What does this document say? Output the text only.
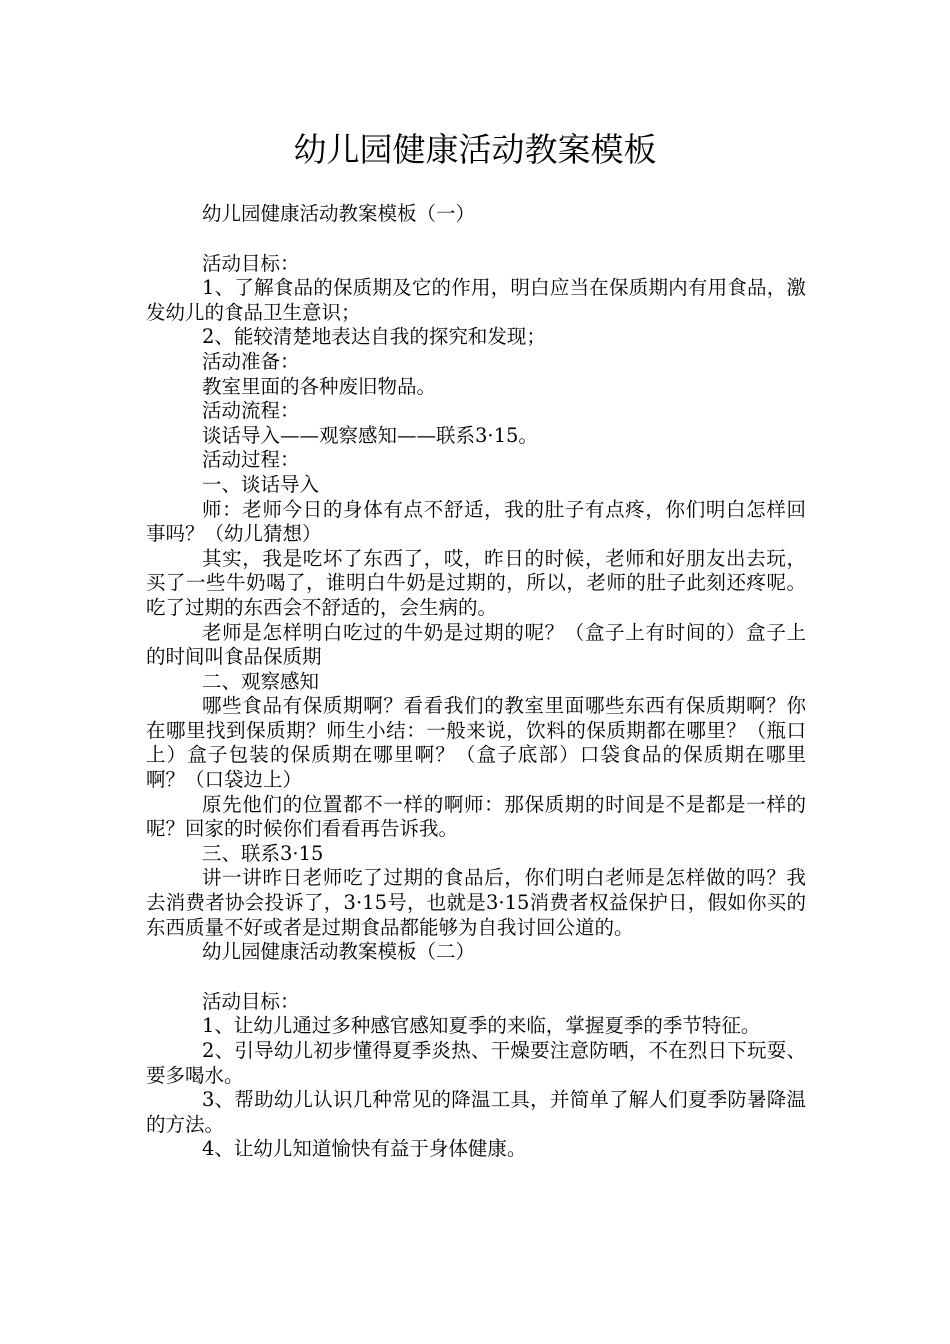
幼儿园健康活动教案模板

幼儿园健康活动教案模板（一）

活动目标：

1、了解食品的保质期及它的作用，明白应当在保质期内有用食品，激发幼儿的食品卫生意识；

2、能较清楚地表达自我的探究和发现；

活动准备：

教室里面的各种废旧物品。

活动流程：

谈话导入——观察感知——联系3·15。

活动过程：

一、谈话导入

师：老师今日的身体有点不舒适，我的肚子有点疼，你们明白怎样回事吗？（幼儿猜想）

其实，我是吃坏了东西了，哎，昨日的时候，老师和好朋友出去玩，买了一些牛奶喝了，谁明白牛奶是过期的，所以，老师的肚子此刻还疼呢。吃了过期的东西会不舒适的，会生病的。

老师是怎样明白吃过的牛奶是过期的呢？（盒子上有时间的）盒子上的时间叫食品保质期

二、观察感知

哪些食品有保质期啊？看看我们的教室里面哪些东西有保质期啊？你在哪里找到保质期？师生小结：一般来说，饮料的保质期都在哪里？（瓶口上）盒子包装的保质期在哪里啊？（盒子底部）口袋食品的保质期在哪里啊？（口袋边上）

原先他们的位置都不一样的啊师：那保质期的时间是不是都是一样的呢？回家的时候你们看看再告诉我。

三、联系3·15

讲一讲昨日老师吃了过期的食品后，你们明白老师是怎样做的吗？我去消费者协会投诉了，3·15号，也就是3·15消费者权益保护日，假如你买的东西质量不好或者是过期食品都能够为自我讨回公道的。

幼儿园健康活动教案模板（二）

活动目标：

1、让幼儿通过多种感官感知夏季的来临，掌握夏季的季节特征。

2、引导幼儿初步懂得夏季炎热、干燥要注意防晒，不在烈日下玩耍、要多喝水。

3、帮助幼儿认识几种常见的降温工具，并简单了解人们夏季防暑降温的方法。

4、让幼儿知道愉快有益于身体健康。
